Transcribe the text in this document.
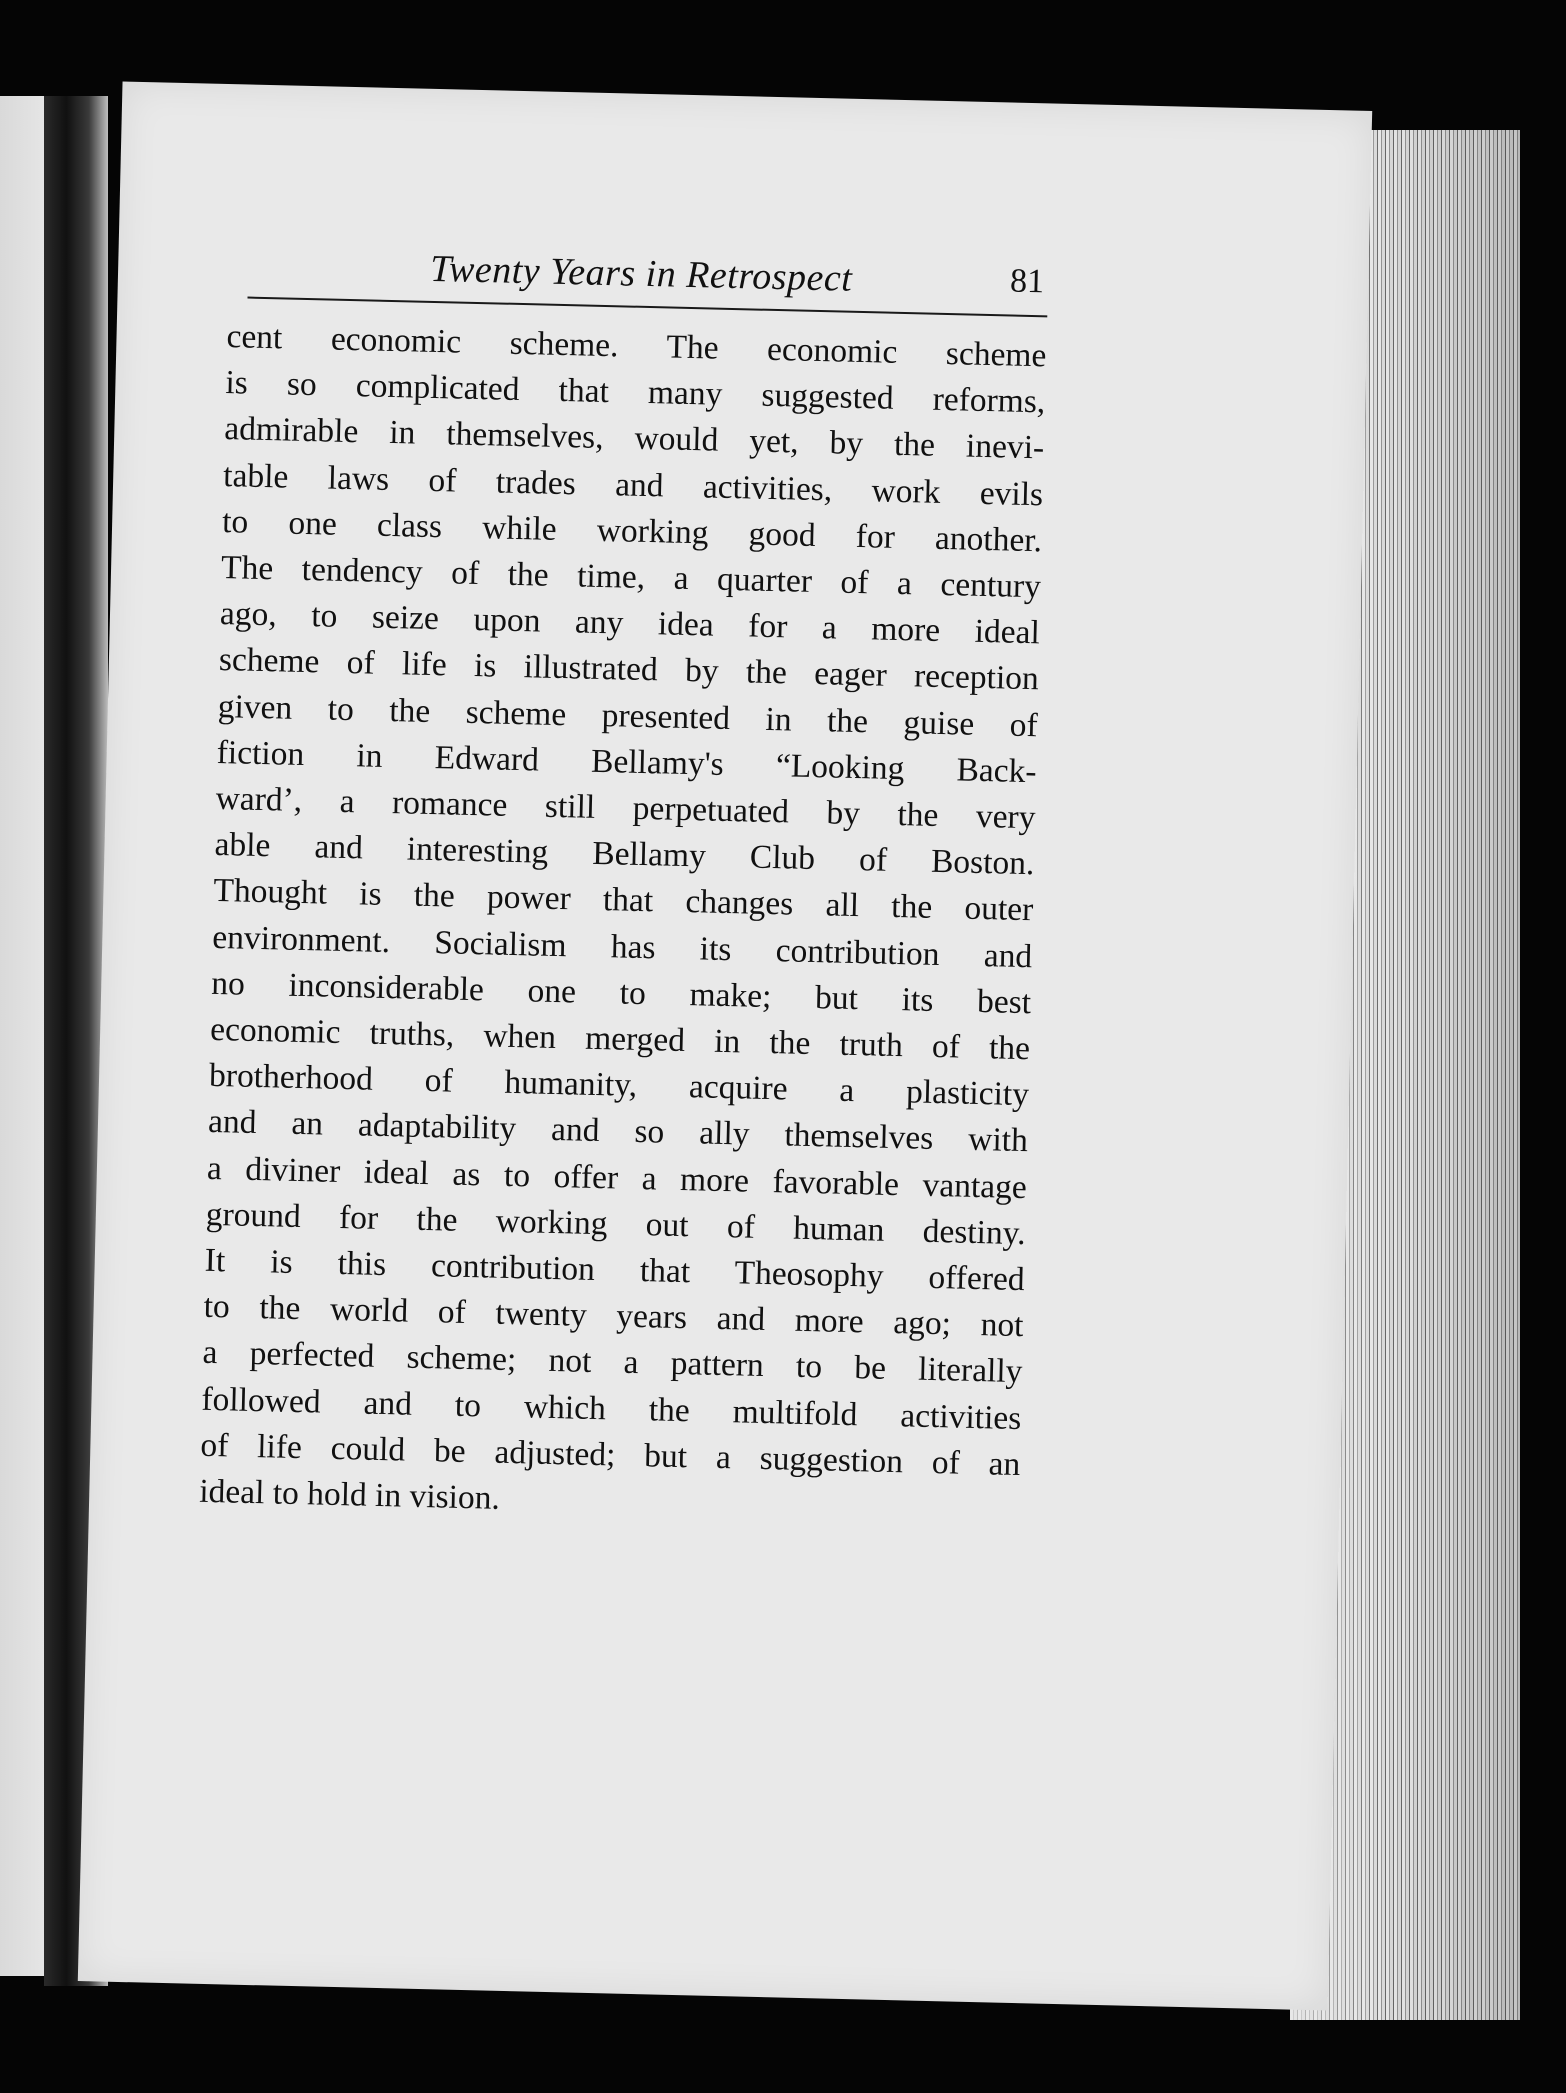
Twenty Years in Retrospect	81
cent economic scheme. The economic scheme
is so complicated that many suggested reforms,
admirable in themselves, would yet, by the inevi-
table laws of trades and activities, work evils
to one class while working good for another.
The tendency of the time, a quarter of a century
ago, to seize upon any idea for a more ideal
scheme of life is illustrated by the eager reception
given to the scheme presented in the guise of
fiction in Edward Bellamy's “Looking Back-
ward’, a romance still perpetuated by the very
able and interesting Bellamy Club of Boston.
Thought is the power that changes all the outer
environment. Socialism has its contribution and
no inconsiderable one to make; but its best
economic truths, when merged in the truth of the
brotherhood of humanity, acquire a plasticity
and an adaptability and so ally themselves with
a diviner ideal as to offer a more favorable vantage
ground for the working out of human destiny.
It is this contribution that Theosophy offered
to the world of twenty years and more ago; not
a perfected scheme; not a pattern to be literally
followed and to which the multifold activities
of life could be adjusted; but a suggestion of an
ideal to hold in vision.
